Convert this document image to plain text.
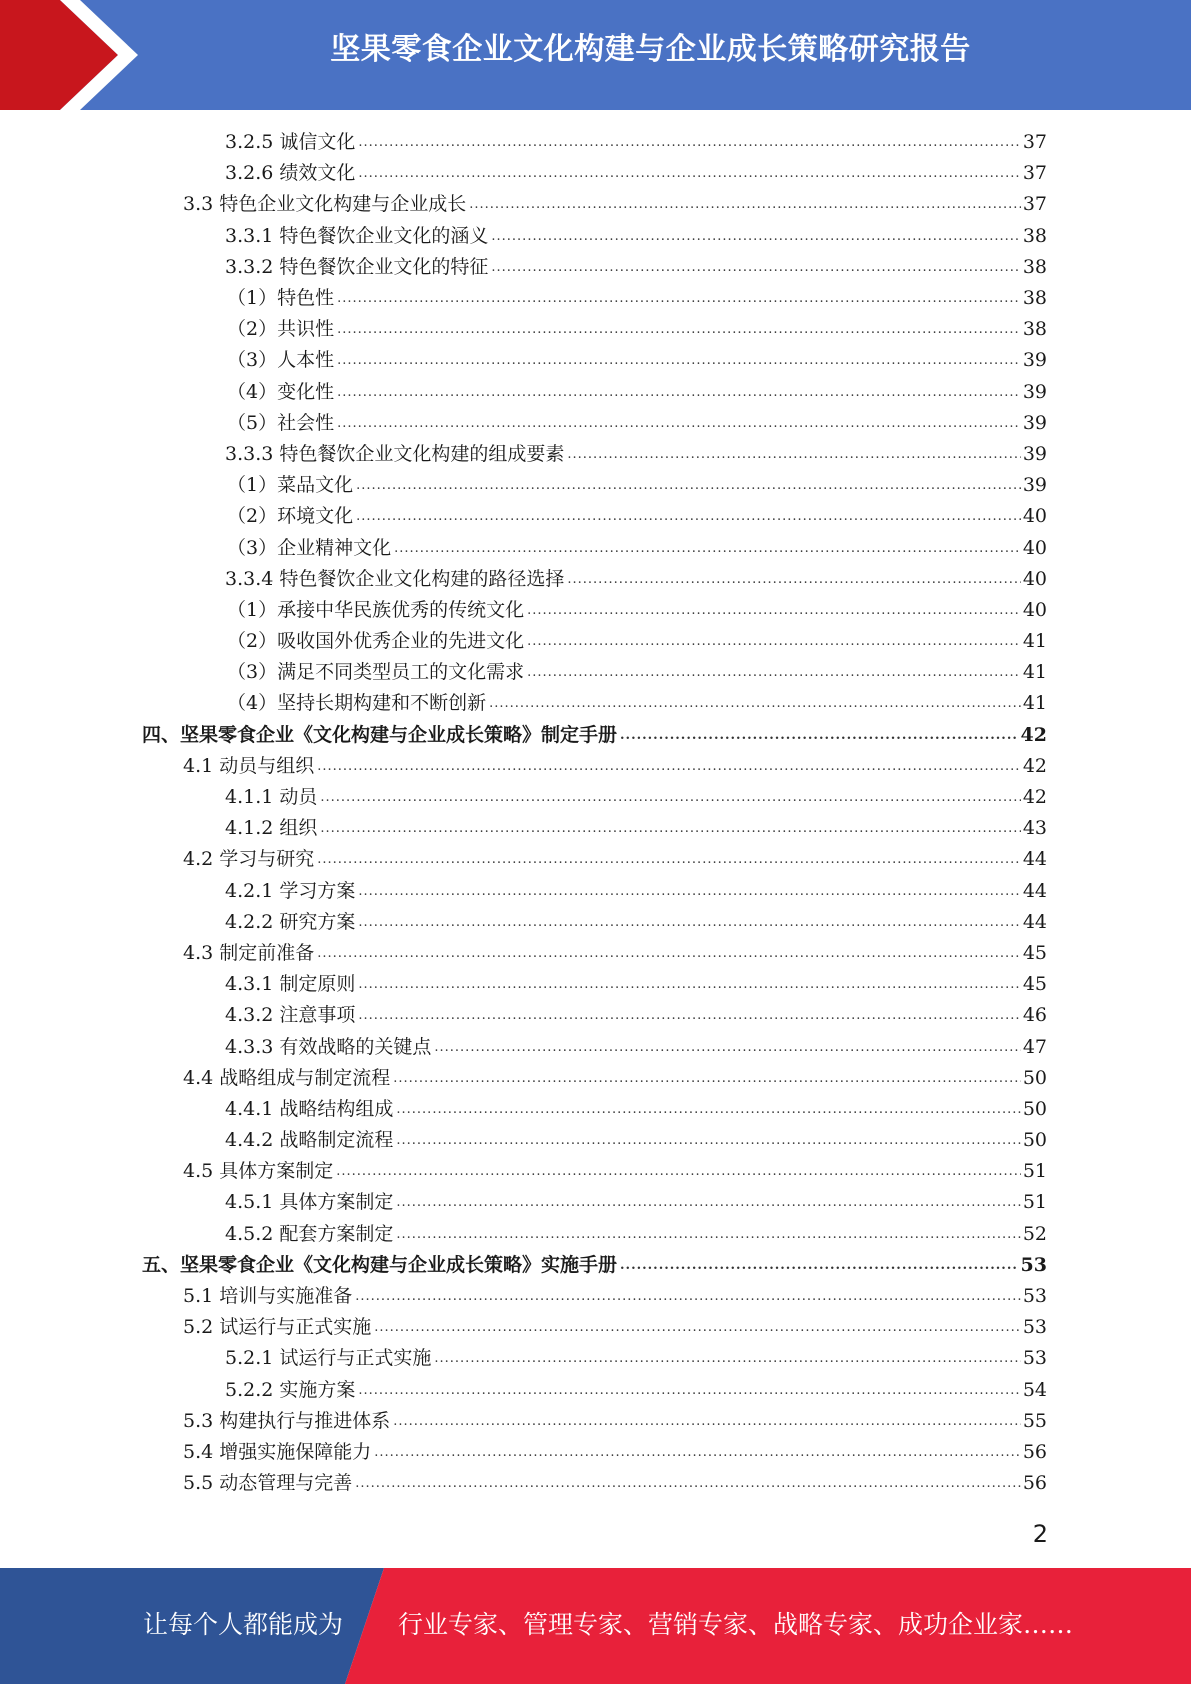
坚果零食企业文化构建与企业成长策略研究报告
3.2.5 诚信文化 .....	37
3.2.6 绩效文化 .....	37
3.3 特色企业文化构建与企业成长 .....	37
3.3.1 特色餐饮企业文化的涵义 .....	38
3.3.2 特色餐饮企业文化的特征 .....	38
（1）特色性 .....	38
（2）共识性 .....	38
（3）人本性 .....	39
（4）变化性 .....	39
（5）社会性 .....	39
3.3.3 特色餐饮企业文化构建的组成要素 .....	39
（1）菜品文化 .....	39
（2）环境文化 .....	40
（3）企业精神文化 .....	40
3.3.4 特色餐饮企业文化构建的路径选择 .....	40
（1）承接中华民族优秀的传统文化 .....	40
（2）吸收国外优秀企业的先进文化 .....	41
（3）满足不同类型员工的文化需求 .....	41
（4）坚持长期构建和不断创新 .....	41
四、坚果零食企业《文化构建与企业成长策略》制定手册 .....	42
4.1 动员与组织 .....	42
4.1.1 动员 .....	42
4.1.2 组织 .....	43
4.2 学习与研究 .....	44
4.2.1 学习方案 .....	44
4.2.2 研究方案 .....	44
4.3 制定前准备 .....	45
4.3.1 制定原则 .....	45
4.3.2 注意事项 .....	46
4.3.3 有效战略的关键点 .....	47
4.4 战略组成与制定流程 .....	50
4.4.1 战略结构组成 .....	50
4.4.2 战略制定流程 .....	50
4.5 具体方案制定 .....	51
4.5.1 具体方案制定 .....	51
4.5.2 配套方案制定 .....	52
五、坚果零食企业《文化构建与企业成长策略》实施手册 .....	53
5.1 培训与实施准备 .....	53
5.2 试运行与正式实施 .....	53
5.2.1 试运行与正式实施 .....	53
5.2.2 实施方案 .....	54
5.3 构建执行与推进体系 .....	55
5.4 增强实施保障能力 .....	56
5.5 动态管理与完善 .....	56
2
让每个人都能成为 行业专家、管理专家、营销专家、战略专家、成功企业家……
